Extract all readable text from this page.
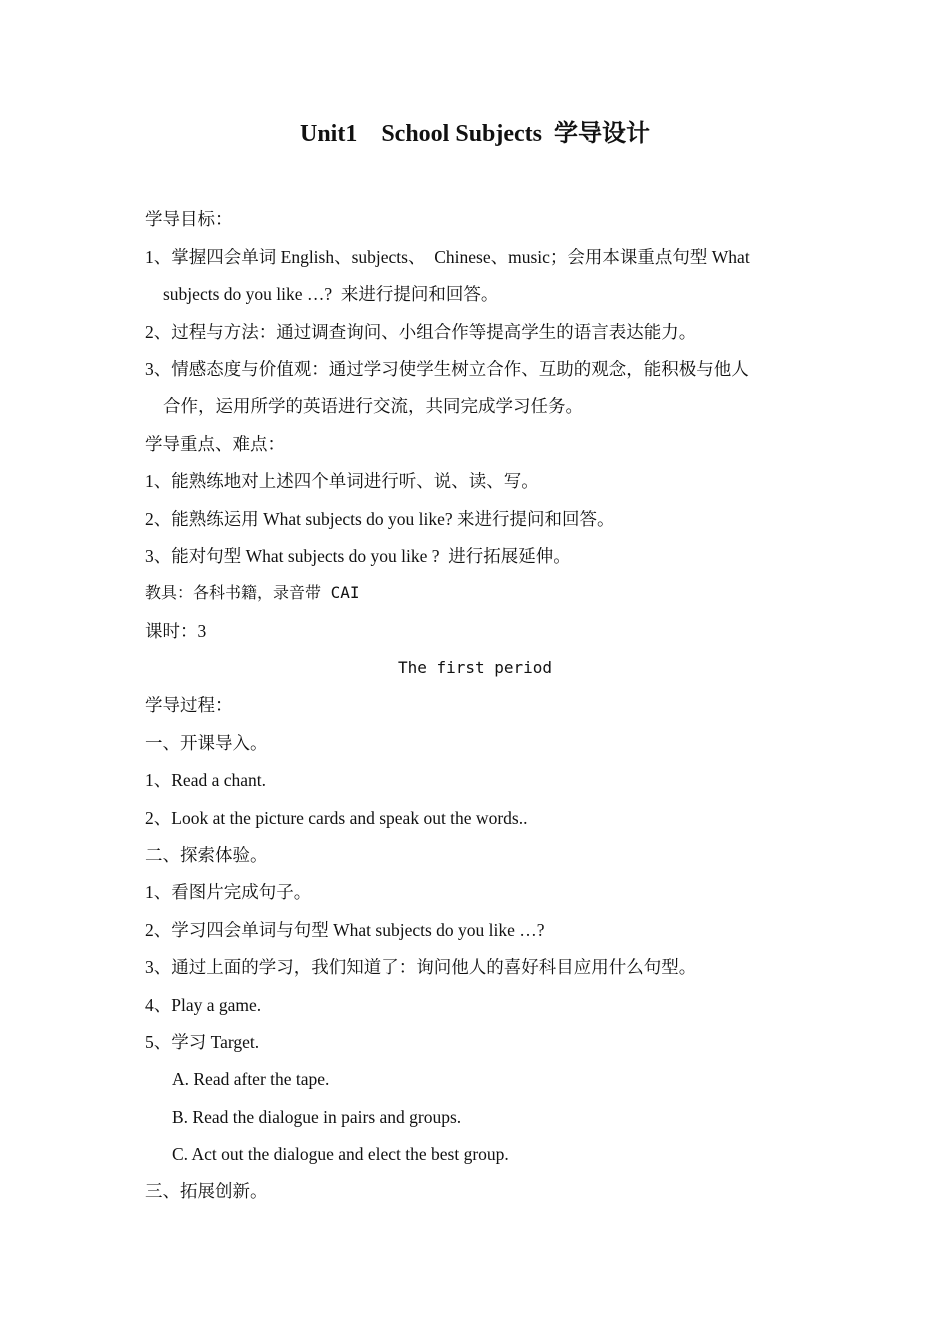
Unit1    School Subjects  学导设计
学导目标：
1、掌握四会单词 English、subjects、  Chinese、music；会用本课重点句型 What
subjects do you like …?  来进行提问和回答。
2、过程与方法：通过调查询问、小组合作等提高学生的语言表达能力。
3、情感态度与价值观：通过学习使学生树立合作、互助的观念，能积极与他人
合作，运用所学的英语进行交流，共同完成学习任务。
学导重点、难点：
1、能熟练地对上述四个单词进行听、说、读、写。
2、能熟练运用 What subjects do you like? 来进行提问和回答。
3、能对句型 What subjects do you like ?  进行拓展延伸。
教具：各科书籍，录音带 CAI
课时：3
The first period
学导过程：
一、开课导入。
1、Read a chant.
2、Look at the picture cards and speak out the words..
二、探索体验。
1、看图片完成句子。
2、学习四会单词与句型 What subjects do you like …?
3、通过上面的学习，我们知道了：询问他人的喜好科目应用什么句型。
4、Play a game.
5、学习 Target.
A. Read after the tape.
B. Read the dialogue in pairs and groups.
C. Act out the dialogue and elect the best group.
三、拓展创新。
